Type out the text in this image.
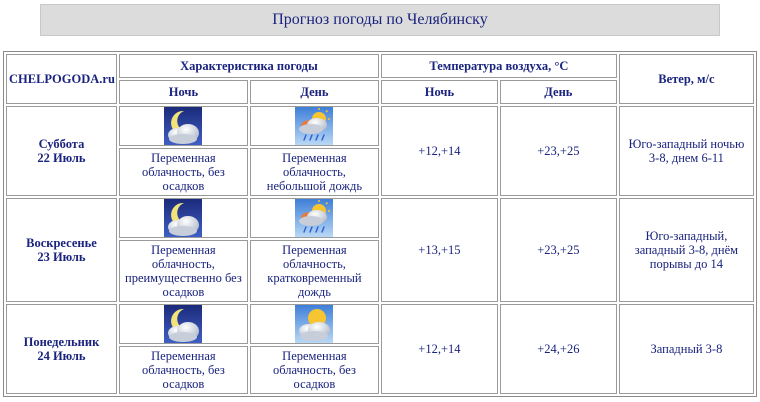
Прогноз погоды по Челябинску
CHELPOGODA.ru	Характеристика погоды		Температура воздуха, °С		Ветер, м/с
	Ночь	День	Ночь	День	

Суббота
22 Июль			+12,+14	+23,+25	Юго-западный ночью 3-8, днем 6-11
	Переменная облачность, без осадков	Переменная облачность, небольшой дождь			

Воскресенье
23 Июль			+13,+15	+23,+25	Юго-западный, западный 3-8, днём порывы до 14
	Переменная облачность, преимущественно без осадков	Переменная облачность, кратковременный дождь			

Понедельник
24 Июль			+12,+14	+24,+26	Западный 3-8
	Переменная облачность, без осадков	Переменная облачность, без осадков			
